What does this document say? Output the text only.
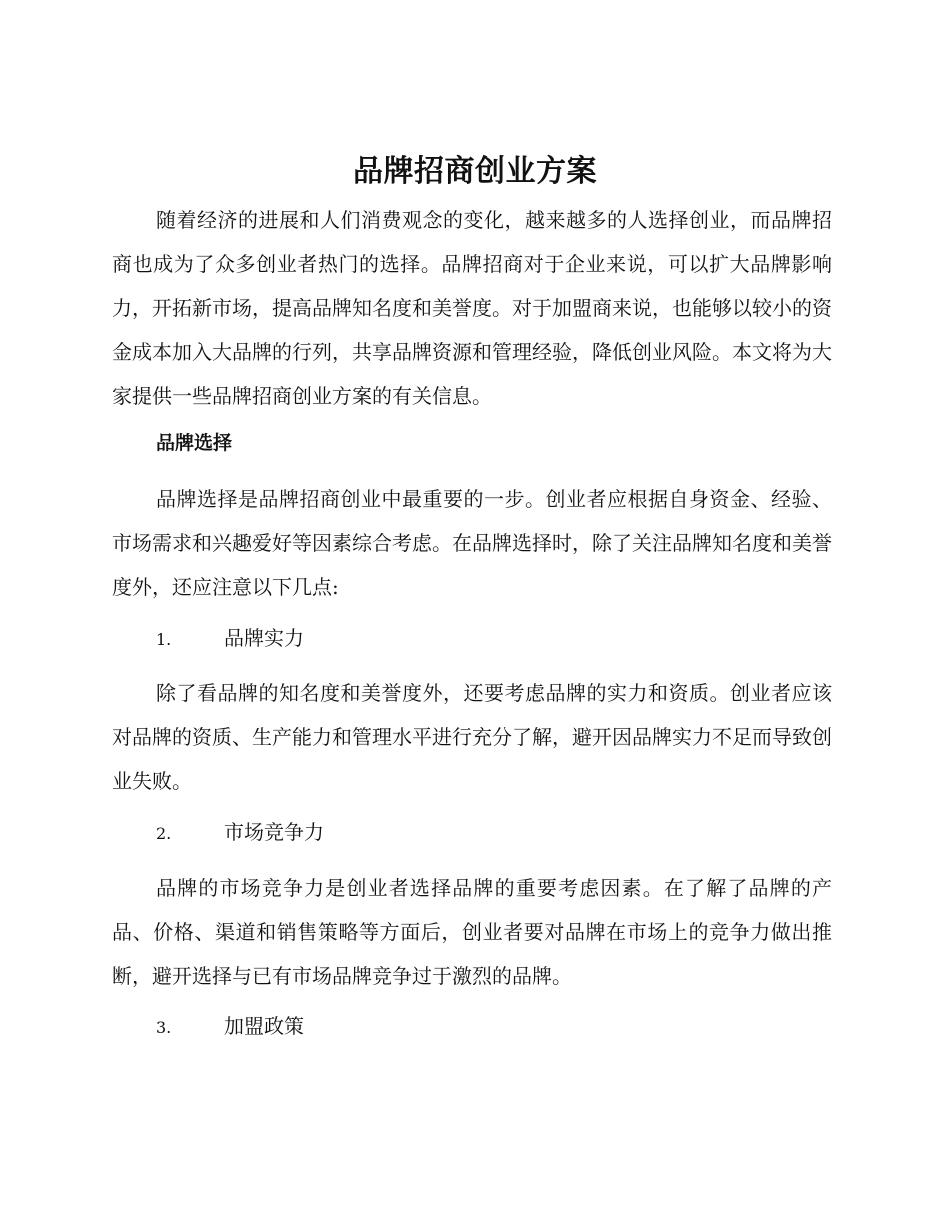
品牌招商创业方案

随着经济的进展和人们消费观念的变化，越来越多的人选择创业，而品牌招商也成为了众多创业者热门的选择。品牌招商对于企业来说，可以扩大品牌影响力，开拓新市场，提高品牌知名度和美誉度。对于加盟商来说，也能够以较小的资金成本加入大品牌的行列，共享品牌资源和管理经验，降低创业风险。本文将为大家提供一些品牌招商创业方案的有关信息。

品牌选择

品牌选择是品牌招商创业中最重要的一步。创业者应根据自身资金、经验、市场需求和兴趣爱好等因素综合考虑。在品牌选择时，除了关注品牌知名度和美誉度外，还应注意以下几点:

1.	品牌实力

除了看品牌的知名度和美誉度外，还要考虑品牌的实力和资质。创业者应该对品牌的资质、生产能力和管理水平进行充分了解，避开因品牌实力不足而导致创业失败。

2.	市场竞争力

品牌的市场竞争力是创业者选择品牌的重要考虑因素。在了解了品牌的产品、价格、渠道和销售策略等方面后，创业者要对品牌在市场上的竞争力做出推断，避开选择与已有市场品牌竞争过于激烈的品牌。

3.	加盟政策
